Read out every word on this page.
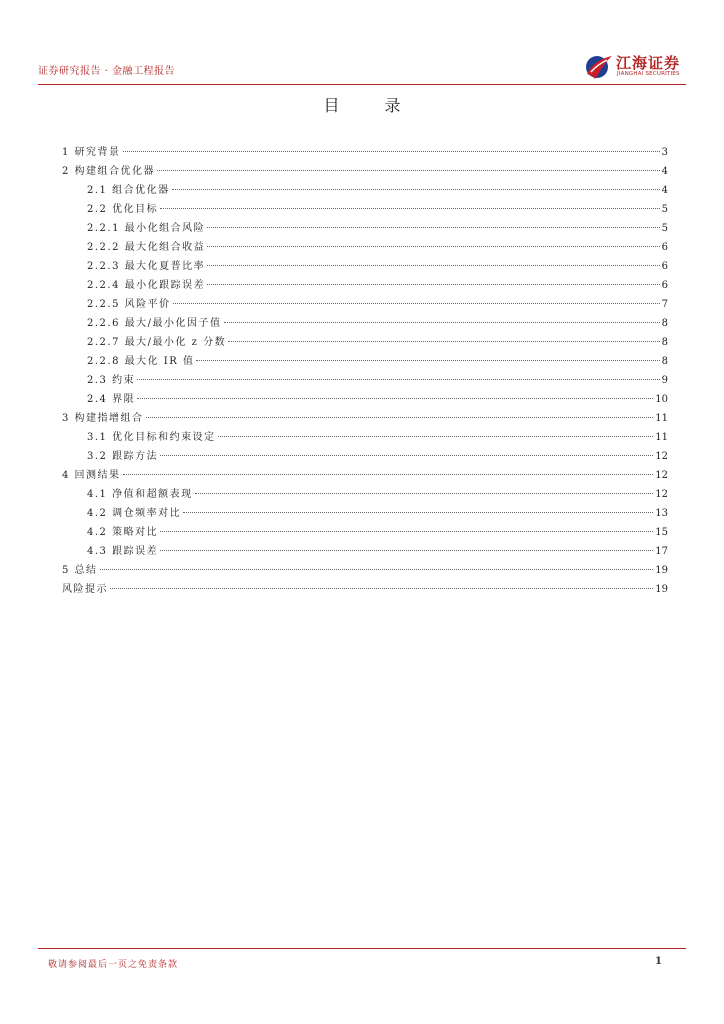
证券研究报告 · 金融工程报告	江海证券
JIANGHAI SECURITIES
目 录
1 研究背景	3
2 构建组合优化器	4
2.1 组合优化器	4
2.2 优化目标	5
2.2.1 最小化组合风险	5
2.2.2 最大化组合收益	6
2.2.3 最大化夏普比率	6
2.2.4 最小化跟踪误差	6
2.2.5 风险平价	7
2.2.6 最大/最小化因子值	8
2.2.7 最大/最小化 z 分数	8
2.2.8 最大化 IR 值	8
2.3 约束	9
2.4 界限	10
3 构建指增组合	11
3.1 优化目标和约束设定	11
3.2 跟踪方法	12
4 回测结果	12
4.1 净值和超额表现	12
4.2 调仓频率对比	13
4.2 策略对比	15
4.3 跟踪误差	17
5 总结	19
风险提示	19
敬请参阅最后一页之免责条款	1
